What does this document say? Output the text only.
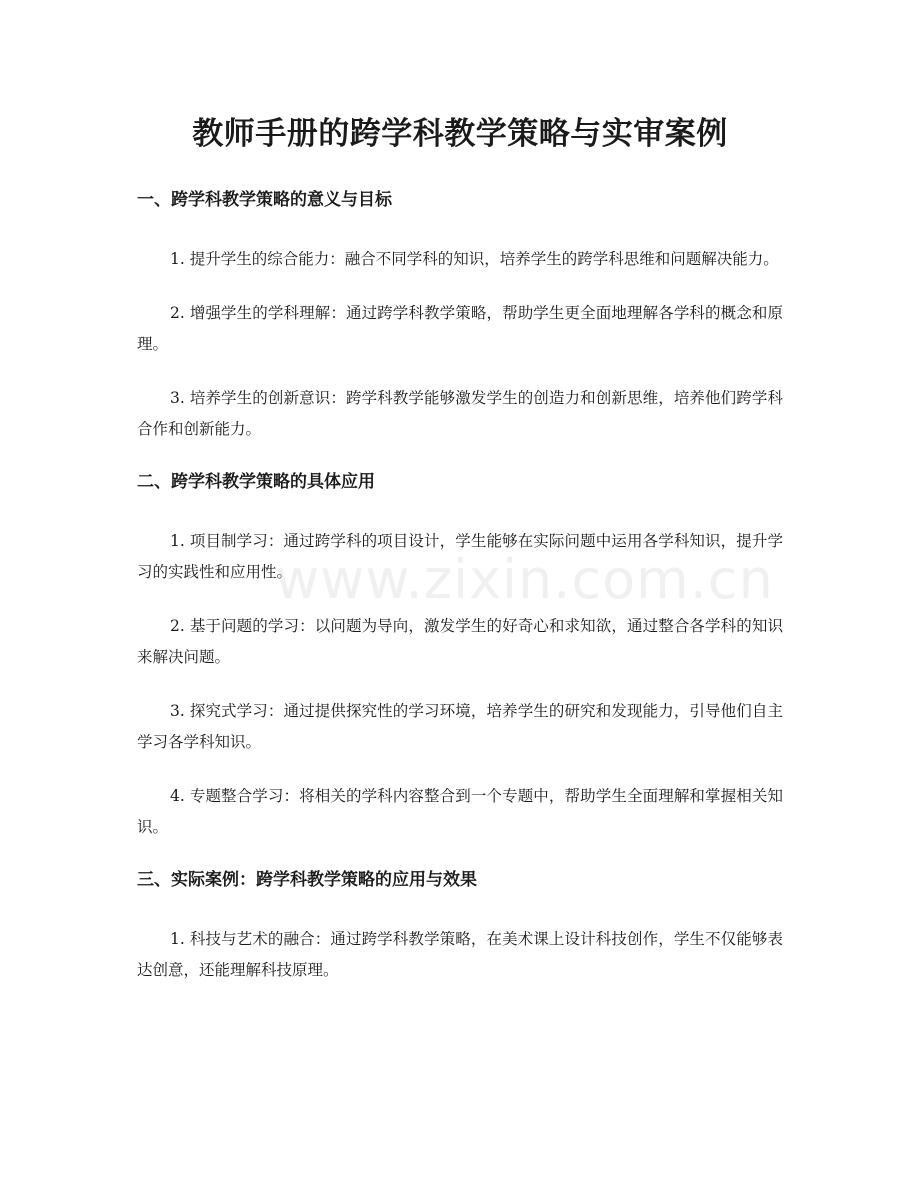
教师手册的跨学科教学策略与实审案例
一、跨学科教学策略的意义与目标

1. 提升学生的综合能力：融合不同学科的知识，培养学生的跨学科思维和问题解决能力。

2. 增强学生的学科理解：通过跨学科教学策略，帮助学生更全面地理解各学科的概念和原理。

3. 培养学生的创新意识：跨学科教学能够激发学生的创造力和创新思维，培养他们跨学科合作和创新能力。

二、跨学科教学策略的具体应用

1. 项目制学习：通过跨学科的项目设计，学生能够在实际问题中运用各学科知识，提升学习的实践性和应用性。

2. 基于问题的学习：以问题为导向，激发学生的好奇心和求知欲，通过整合各学科的知识来解决问题。

3. 探究式学习：通过提供探究性的学习环境，培养学生的研究和发现能力，引导他们自主学习各学科知识。

4. 专题整合学习：将相关的学科内容整合到一个专题中，帮助学生全面理解和掌握相关知识。

三、实际案例：跨学科教学策略的应用与效果

1. 科技与艺术的融合：通过跨学科教学策略，在美术课上设计科技创作，学生不仅能够表达创意，还能理解科技原理。

www.zixin.com.cn
